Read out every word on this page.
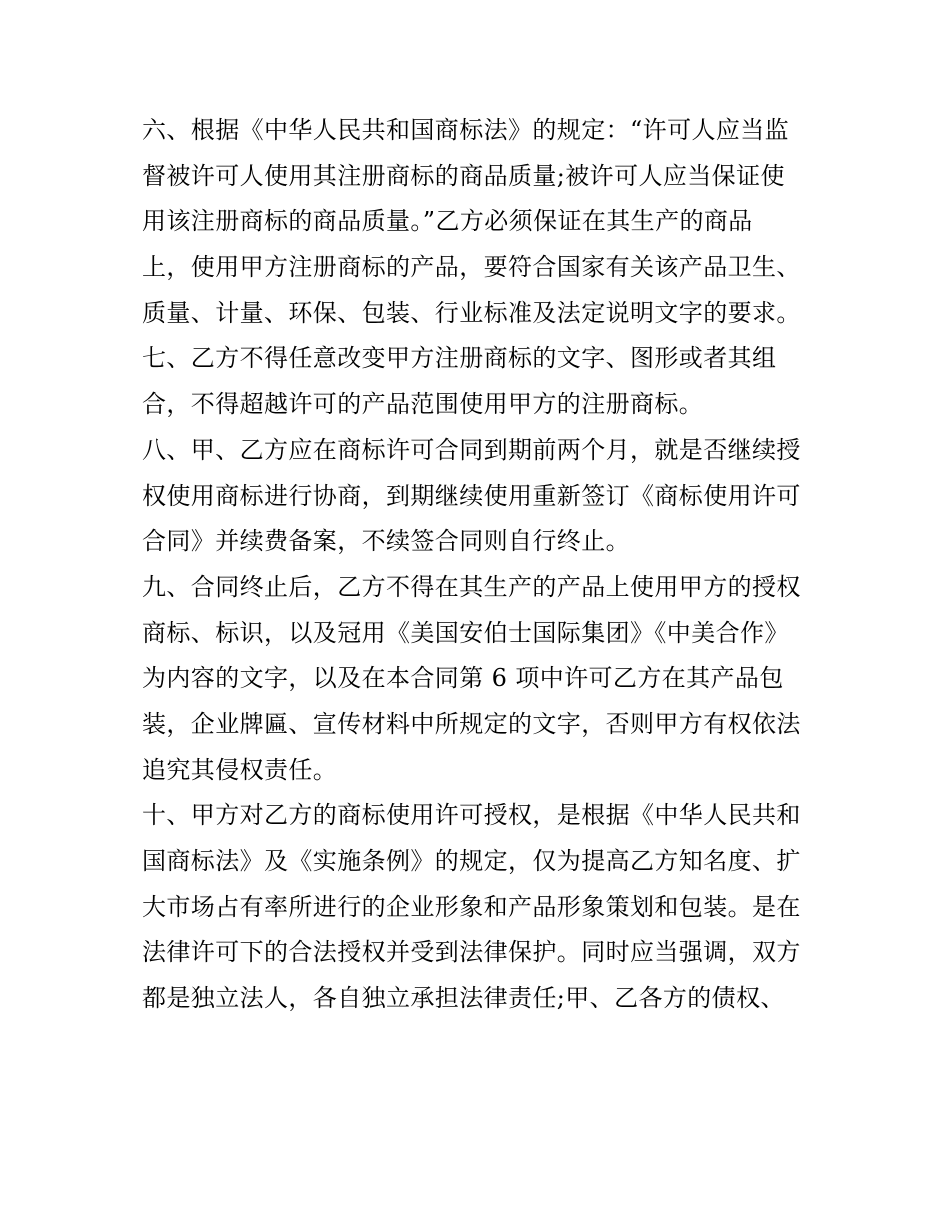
六、根据《中华人民共和国商标法》的规定：“许可人应当监
督被许可人使用其注册商标的商品质量;被许可人应当保证使
用该注册商标的商品质量。”乙方必须保证在其生产的商品
上，使用甲方注册商标的产品，要符合国家有关该产品卫生、
质量、计量、环保、包装、行业标准及法定说明文字的要求。
七、乙方不得任意改变甲方注册商标的文字、图形或者其组
合，不得超越许可的产品范围使用甲方的注册商标。
八、甲、乙方应在商标许可合同到期前两个月，就是否继续授
权使用商标进行协商，到期继续使用重新签订《商标使用许可
合同》并续费备案，不续签合同则自行终止。
九、合同终止后，乙方不得在其生产的产品上使用甲方的授权
商标、标识，以及冠用《美国安伯士国际集团》《中美合作》
为内容的文字，以及在本合同第 6 项中许可乙方在其产品包
装，企业牌匾、宣传材料中所规定的文字，否则甲方有权依法
追究其侵权责任。
十、甲方对乙方的商标使用许可授权，是根据《中华人民共和
国商标法》及《实施条例》的规定，仅为提高乙方知名度、扩
大市场占有率所进行的企业形象和产品形象策划和包装。是在
法律许可下的合法授权并受到法律保护。同时应当强调，双方
都是独立法人，各自独立承担法律责任;甲、乙各方的债权、
